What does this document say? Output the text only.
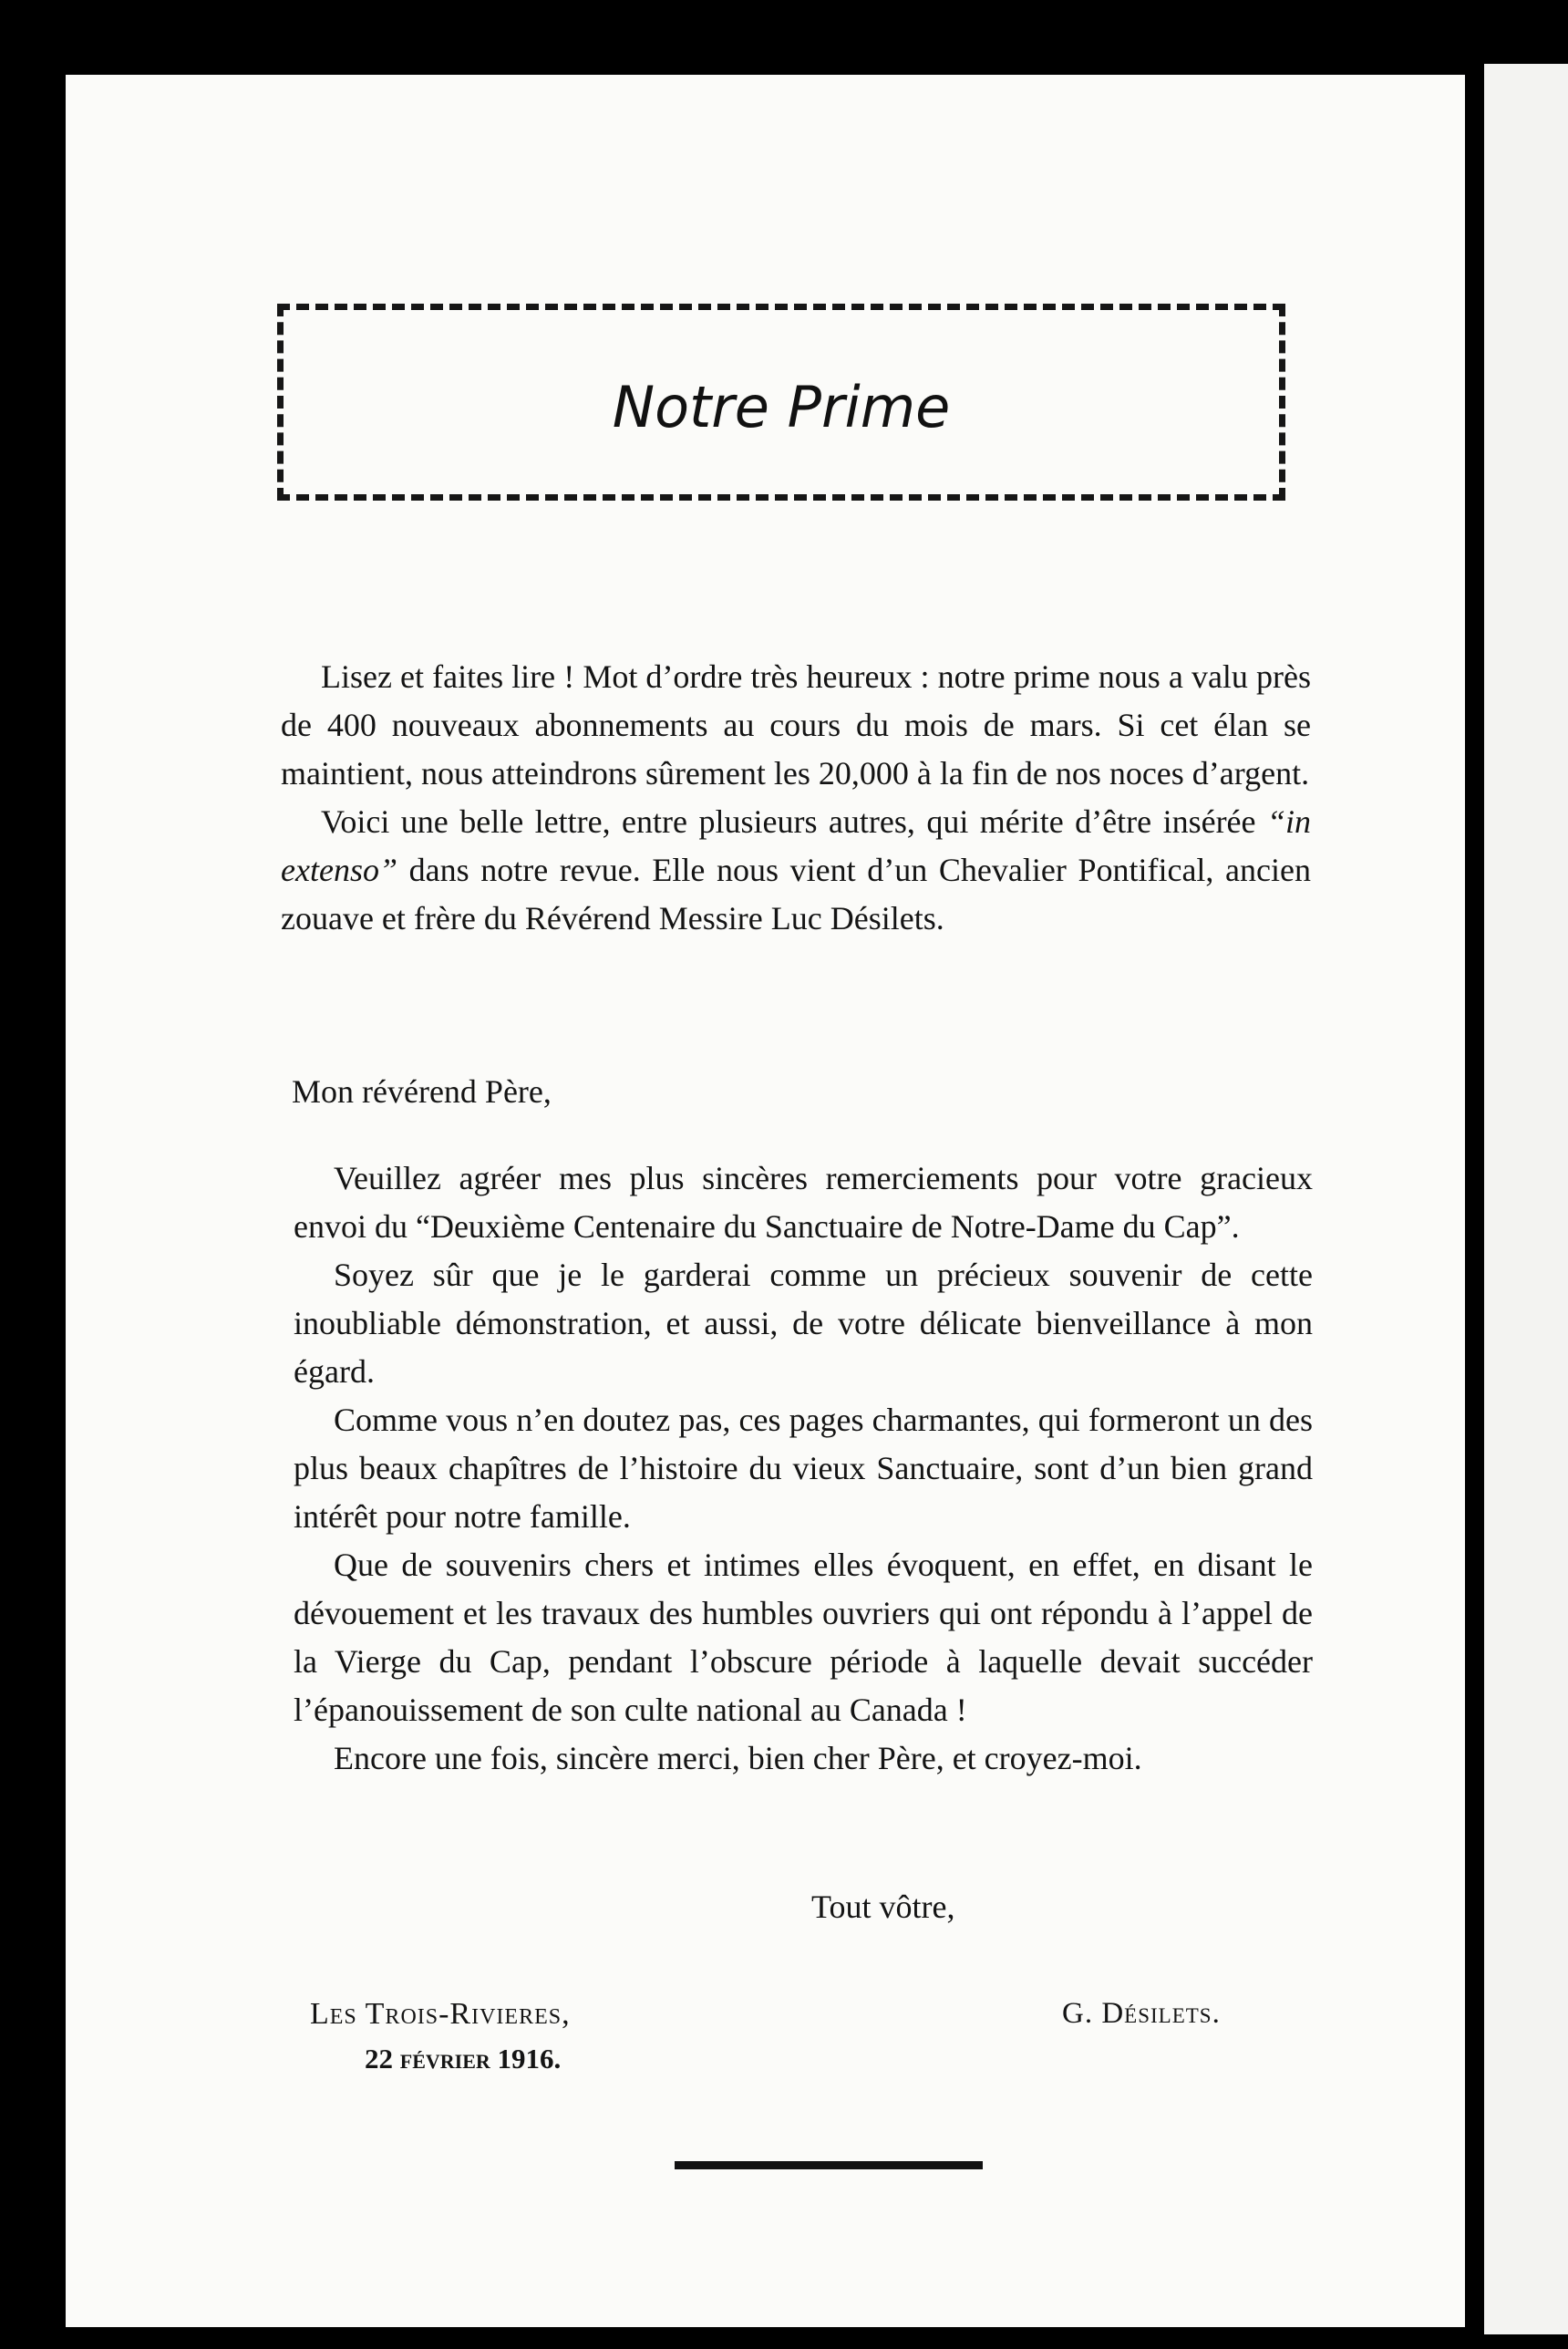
Notre Prime

Lisez et faites lire ! Mot d’ordre très heureux : notre prime nous a valu près de 400 nouveaux abonnements au cours du mois de mars. Si cet élan se maintient, nous atteindrons sûrement les 20,000 à la fin de nos noces d’argent.

Voici une belle lettre, entre plusieurs autres, qui mérite d’être insérée “in extenso” dans notre revue. Elle nous vient d’un Chevalier Pontifical, ancien zouave et frère du Révérend Messire Luc Désilets.

Mon révérend Père,

Veuillez agréer mes plus sincères remerciements pour votre gracieux envoi du “Deuxième Centenaire du Sanctuaire de Notre-Dame du Cap”.

Soyez sûr que je le garderai comme un précieux souvenir de cette inoubliable démonstration, et aussi, de votre délicate bienveillance à mon égard.

Comme vous n’en doutez pas, ces pages charmantes, qui formeront un des plus beaux chapîtres de l’histoire du vieux Sanctuaire, sont d’un bien grand intérêt pour notre famille.

Que de souvenirs chers et intimes elles évoquent, en effet, en disant le dévouement et les travaux des humbles ouvriers qui ont répondu à l’appel de la Vierge du Cap, pendant l’obscure période à laquelle devait succéder l’épanouissement de son culte national au Canada !

Encore une fois, sincère merci, bien cher Père, et croyez-moi.

Tout vôtre,
Les Trois-Rivieres,
22 février 1916.
G. Désilets.
